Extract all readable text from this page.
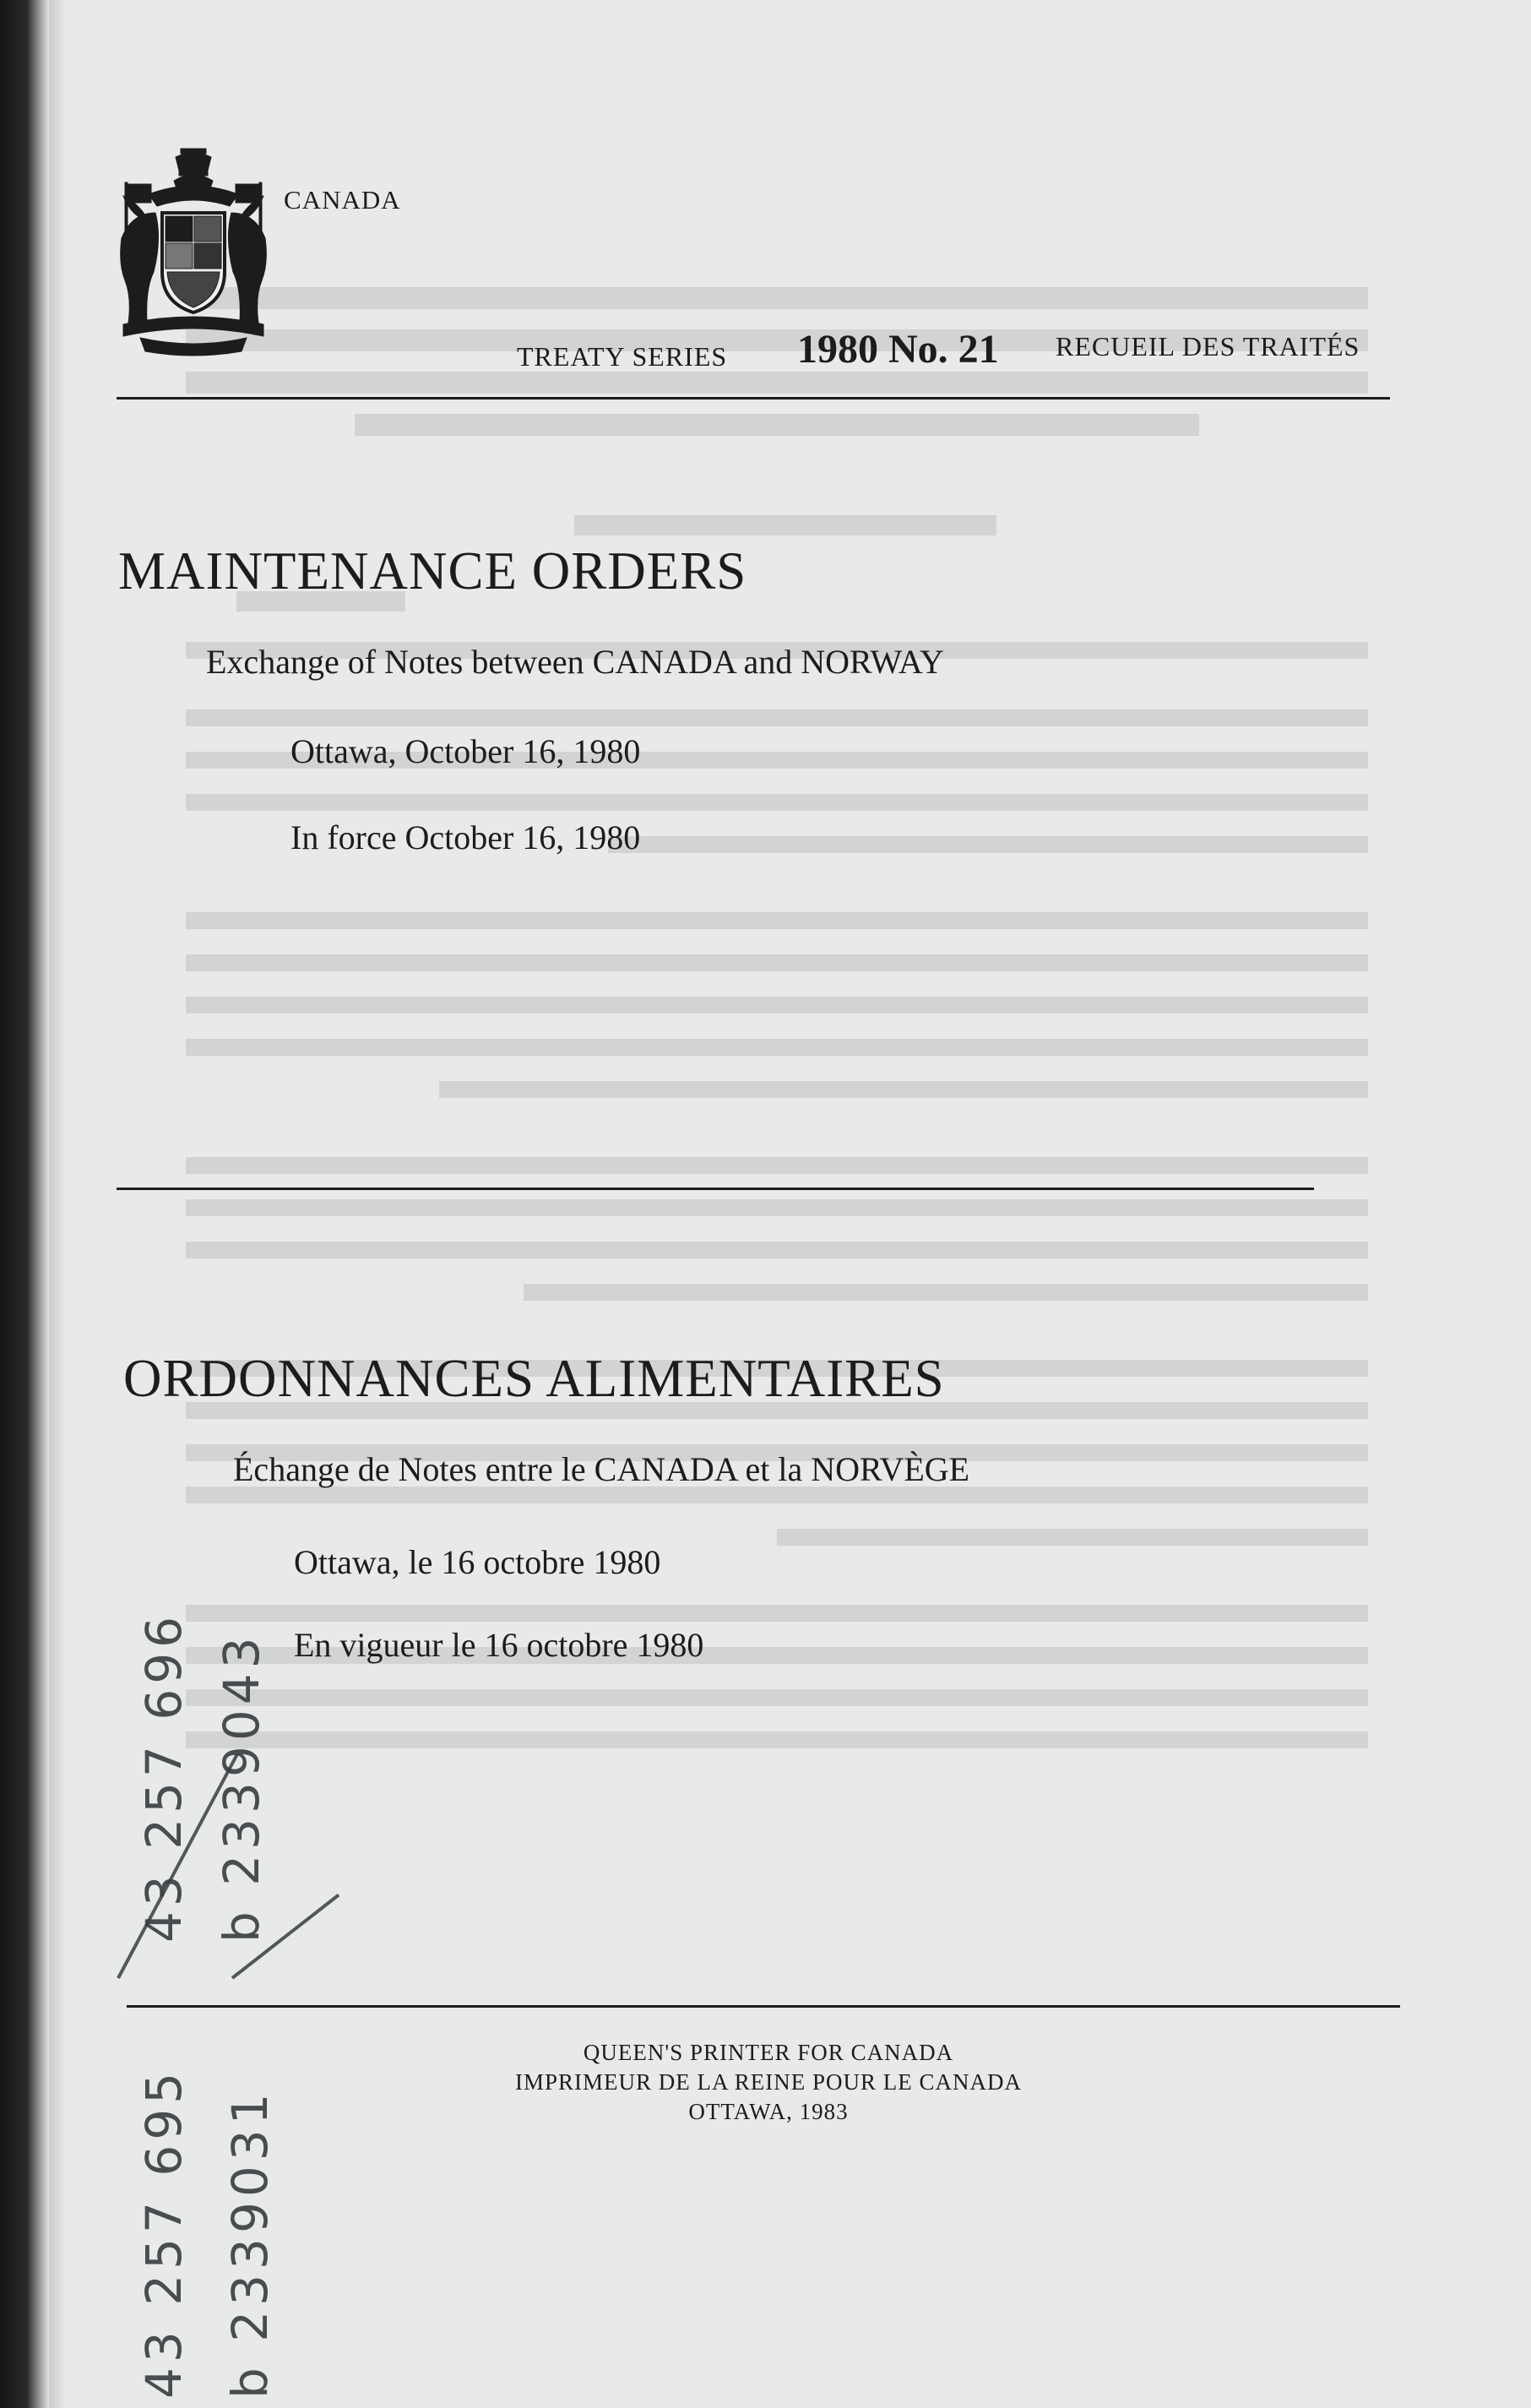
CANADA
TREATY SERIES 1980 No. 21 RECUEIL DES TRAITÉS
MAINTENANCE ORDERS
Exchange of Notes between CANADA and NORWAY
Ottawa, October 16, 1980
In force October 16, 1980
ORDONNANCES ALIMENTAIRES
Échange de Notes entre le CANADA et la NORVÈGE
Ottawa, le 16 octobre 1980
En vigueur le 16 octobre 1980
QUEEN'S PRINTER FOR CANADA
IMPRIMEUR DE LA REINE POUR LE CANADA
OTTAWA, 1983
43 257 696 b 2339043
43 257 695 b 2339031
